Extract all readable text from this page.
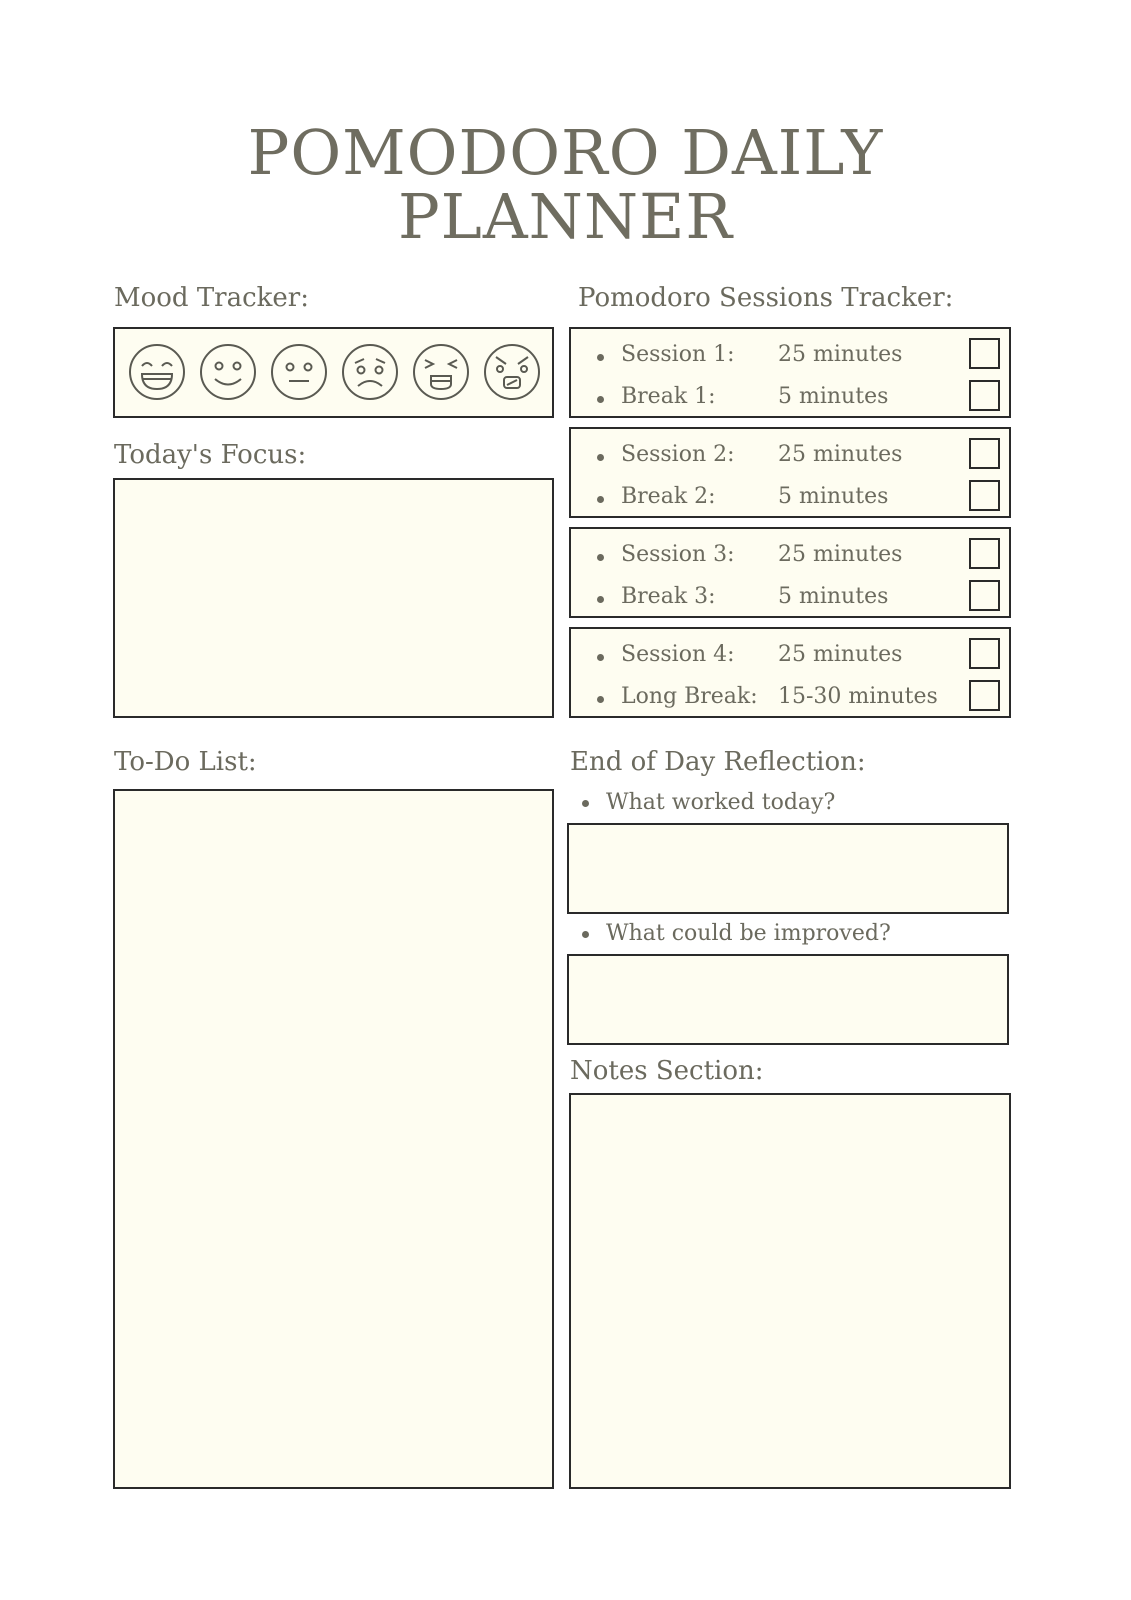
POMODORO DAILY
PLANNER
Mood Tracker:
Today's Focus:
To-Do List:
Pomodoro Sessions Tracker:
Session 1: 25 minutes
Break 1:	5 minutes
Session 2: 25 minutes
Break 2:	5 minutes
Session 3: 25 minutes
Break 3:	5 minutes
Session 4: 25 minutes
Long Break: 15-30 minutes
End of Day Reflection:
What worked today?
What could be improved?
Notes Section:
